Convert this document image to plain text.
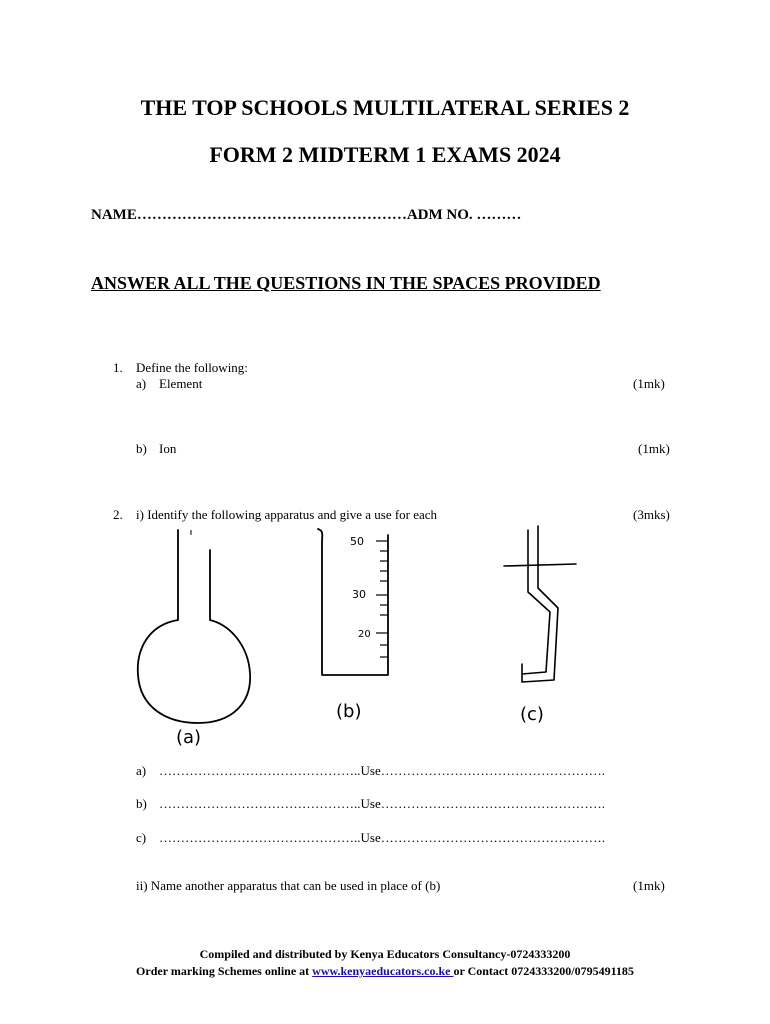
THE TOP SCHOOLS MULTILATERAL SERIES 2
FORM 2 MIDTERM 1 EXAMS 2024
NAME………………………………………………ADM NO. ………
ANSWER ALL THE QUESTIONS IN THE SPACES PROVIDED
1. Define the following:
a) Element	(1mk)
b) Ion	(1mk)
2. i) Identify the following apparatus and give a use for each	(3mks)
(a)
50
30
20
(b)	(c)
a) ………………………………………..Use…………………………………………….
b) ………………………………………..Use…………………………………………….
c) ………………………………………..Use…………………………………………….
ii) Name another apparatus that can be used in place of (b)	(1mk)
Compiled and distributed by Kenya Educators Consultancy-0724333200
Order marking Schemes online at www.kenyaeducators.co.ke or Contact 0724333200/0795491185
